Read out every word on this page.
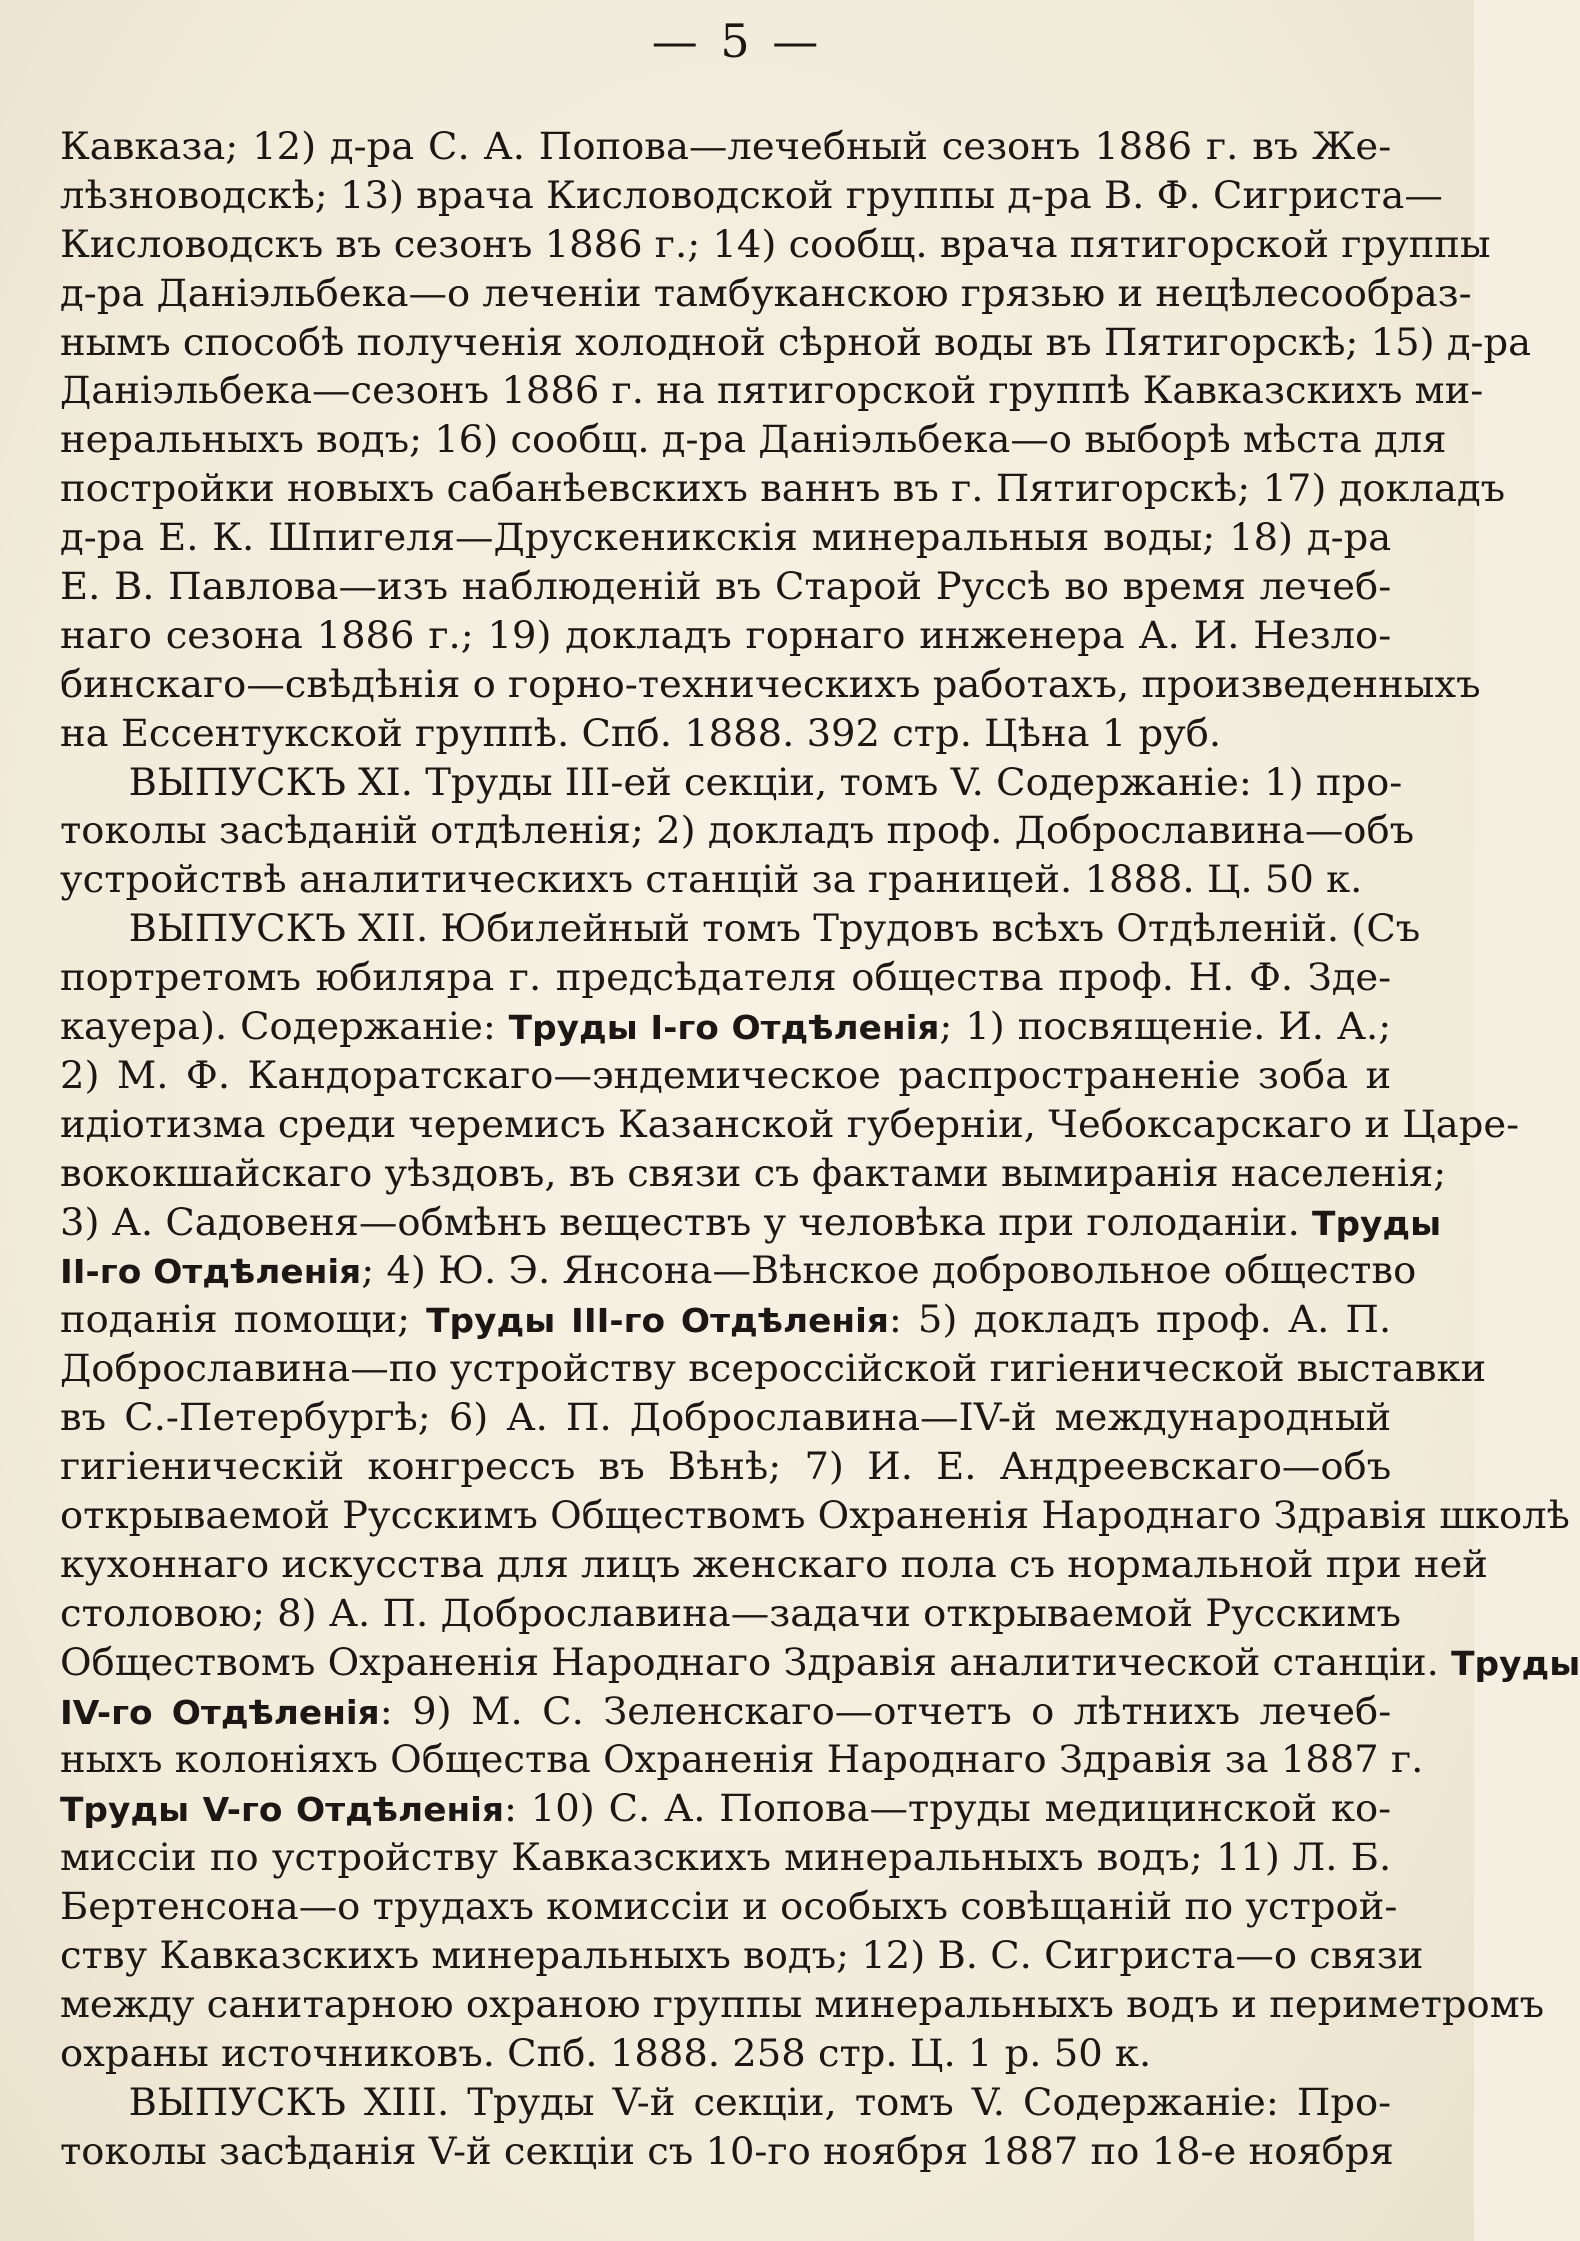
— 5 —
Кавказа; 12) д-ра С. А. Попова—лечебный сезонъ 1886 г. въ Же-
лѣзноводскѣ; 13) врача Кисловодской группы д-ра В. Ф. Сигриста—
Кисловодскъ въ сезонъ 1886 г.; 14) сообщ. врача пятигорской группы
д-ра Даніэльбека—о леченіи тамбуканскою грязью и нецѣлесообраз-
нымъ способѣ полученія холодной сѣрной воды въ Пятигорскѣ; 15) д-ра
Даніэльбека—сезонъ 1886 г. на пятигорской группѣ Кавказскихъ ми-
неральныхъ водъ; 16) сообщ. д-ра Даніэльбека—о выборѣ мѣста для
постройки новыхъ сабанѣевскихъ ваннъ въ г. Пятигорскѣ; 17) докладъ
д-ра Е. К. Шпигеля—Друскеникскія минеральныя воды; 18) д-ра
Е. В. Павлова—изъ наблюденій въ Старой Руссѣ во время лечеб-
наго сезона 1886 г.; 19) докладъ горнаго инженера А. И. Незло-
бинскаго—свѣдѣнія о горно-техническихъ работахъ, произведенныхъ
на Ессентукской группѣ. Спб. 1888. 392 стр. Цѣна 1 руб.
ВЫПУСКЪ XI. Труды III-ей секціи, томъ V. Содержаніе: 1) про-
токолы засѣданій отдѣленія; 2) докладъ проф. Доброславина—объ
устройствѣ аналитическихъ станцій за границей. 1888. Ц. 50 к.
ВЫПУСКЪ XII. Юбилейный томъ Трудовъ всѣхъ Отдѣленій. (Съ
портретомъ юбиляра г. предсѣдателя общества проф. Н. Ф. Зде-
кауера). Содержаніе: Труды I-го Отдѣленія; 1) посвященіе. И. А.;
2) М. Ф. Кандоратскаго—эндемическое распространеніе зоба и
идіотизма среди черемисъ Казанской губерніи, Чебоксарскаго и Царе-
вококшайскаго уѣздовъ, въ связи съ фактами вымиранія населенія;
3) А. Садовеня—обмѣнъ веществъ у человѣка при голоданіи. Труды
II-го Отдѣленія; 4) Ю. Э. Янсона—Вѣнское добровольное общество
поданія помощи; Труды III-го Отдѣленія: 5) докладъ проф. А. П.
Доброславина—по устройству всероссійской гигіенической выставки
въ С.-Петербургѣ; 6) А. П. Доброславина—IV-й международный
гигіеническій конгрессъ въ Вѣнѣ; 7) И. Е. Андреевскаго—объ
открываемой Русскимъ Обществомъ Охраненія Народнаго Здравія школѣ
кухоннаго искусства для лицъ женскаго пола съ нормальной при ней
столовою; 8) А. П. Доброславина—задачи открываемой Русскимъ
Обществомъ Охраненія Народнаго Здравія аналитической станціи. Труды
IV-го Отдѣленія: 9) М. С. Зеленскаго—отчетъ о лѣтнихъ лечеб-
ныхъ колоніяхъ Общества Охраненія Народнаго Здравія за 1887 г.
Труды V-го Отдѣленія: 10) С. А. Попова—труды медицинской ко-
миссіи по устройству Кавказскихъ минеральныхъ водъ; 11) Л. Б.
Бертенсона—о трудахъ комиссіи и особыхъ совѣщаній по устрой-
ству Кавказскихъ минеральныхъ водъ; 12) В. С. Сигриста—о связи
между санитарною охраною группы минеральныхъ водъ и периметромъ
охраны источниковъ. Спб. 1888. 258 стр. Ц. 1 р. 50 к.
ВЫПУСКЪ XIII. Труды V-й секціи, томъ V. Содержаніе: Про-
токолы засѣданія V-й секціи съ 10-го ноября 1887 по 18-е ноября
